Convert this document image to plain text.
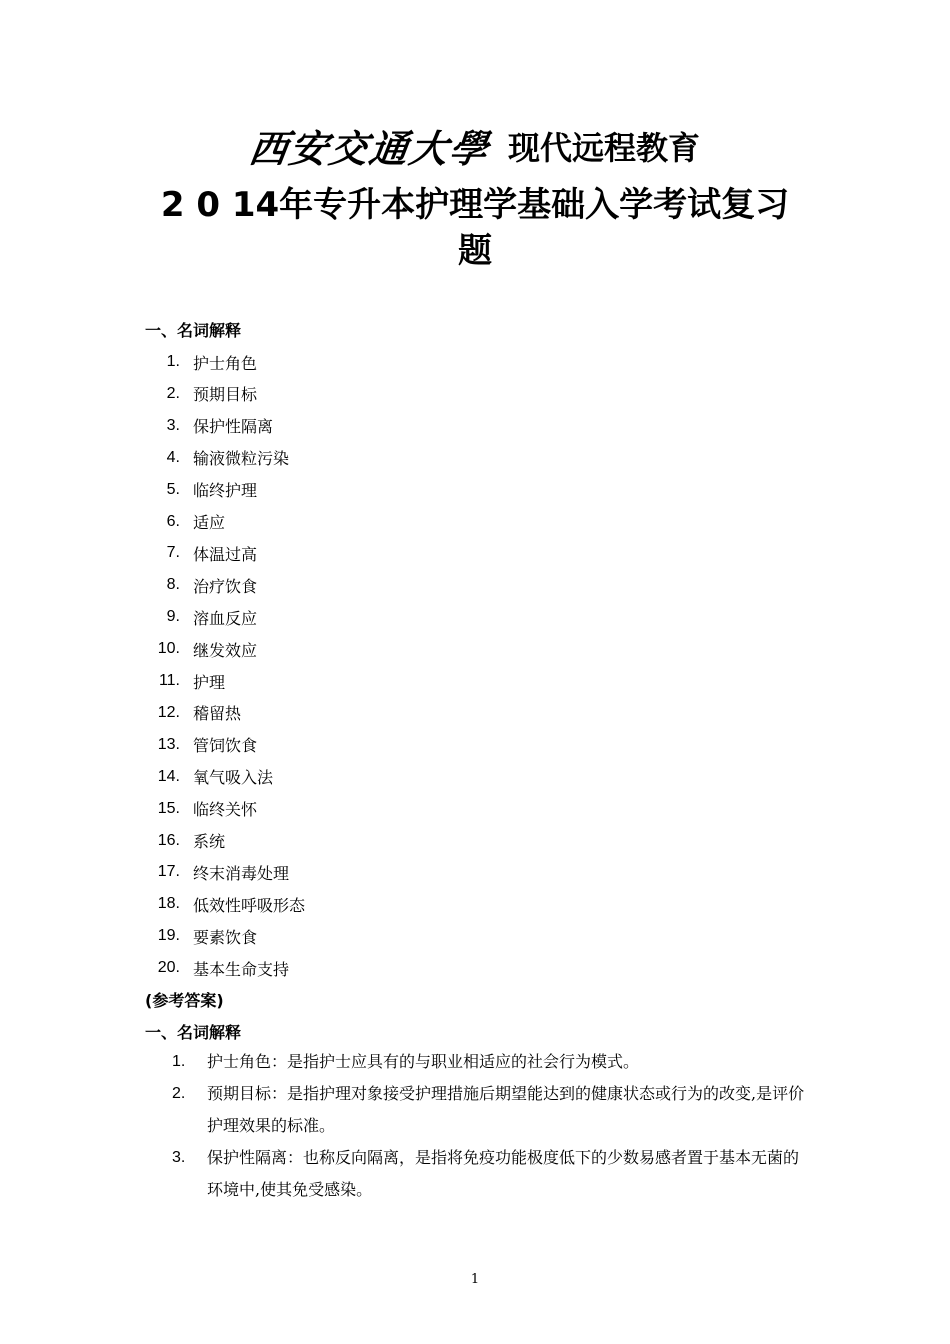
西安交通大學 现代远程教育
2 0 14年专升本护理学基础入学考试复习
题
一、名词解释
1. 护士角色
2. 预期目标
3. 保护性隔离
4. 输液微粒污染
5. 临终护理
6. 适应
7. 体温过高
8. 治疗饮食
9. 溶血反应
10. 继发效应
11. 护理
12. 稽留热
13. 管饲饮食
14. 氧气吸入法
15. 临终关怀
16. 系统
17. 终末消毒处理
18. 低效性呼吸形态
19. 要素饮食
20. 基本生命支持
(参考答案)
一、名词解释
1. 护士角色：是指护士应具有的与职业相适应的社会行为模式。
2. 预期目标：是指护理对象接受护理措施后期望能达到的健康状态或行为的改变,是评价护理效果的标准。
3. 保护性隔离：也称反向隔离，是指将免疫功能极度低下的少数易感者置于基本无菌的环境中,使其免受感染。
1
